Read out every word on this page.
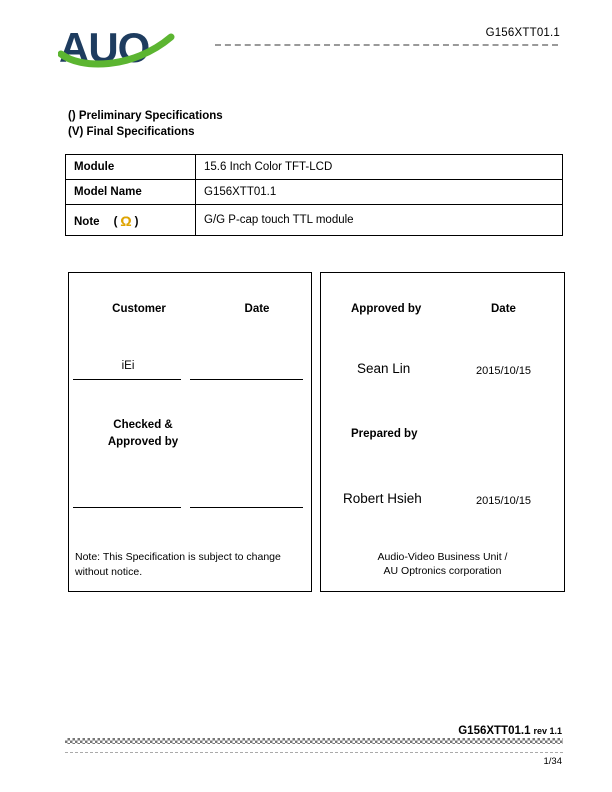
AUO	G156XTT01.1
() Preliminary Specifications
(V) Final Specifications
Module	15.6 Inch Color TFT-LCD
Model Name	G156XTT01.1
Note ( Ω )	G/G P-cap touch TTL module
Customer	Date
iEi
Checked &
Approved by
Note: This Specification is subject to change without notice.
Approved by	Date
Sean Lin	2015/10/15
Prepared by
Robert Hsieh	2015/10/15
Audio-Video Business Unit /
AU Optronics corporation
G156XTT01.1 rev 1.1
1/34
